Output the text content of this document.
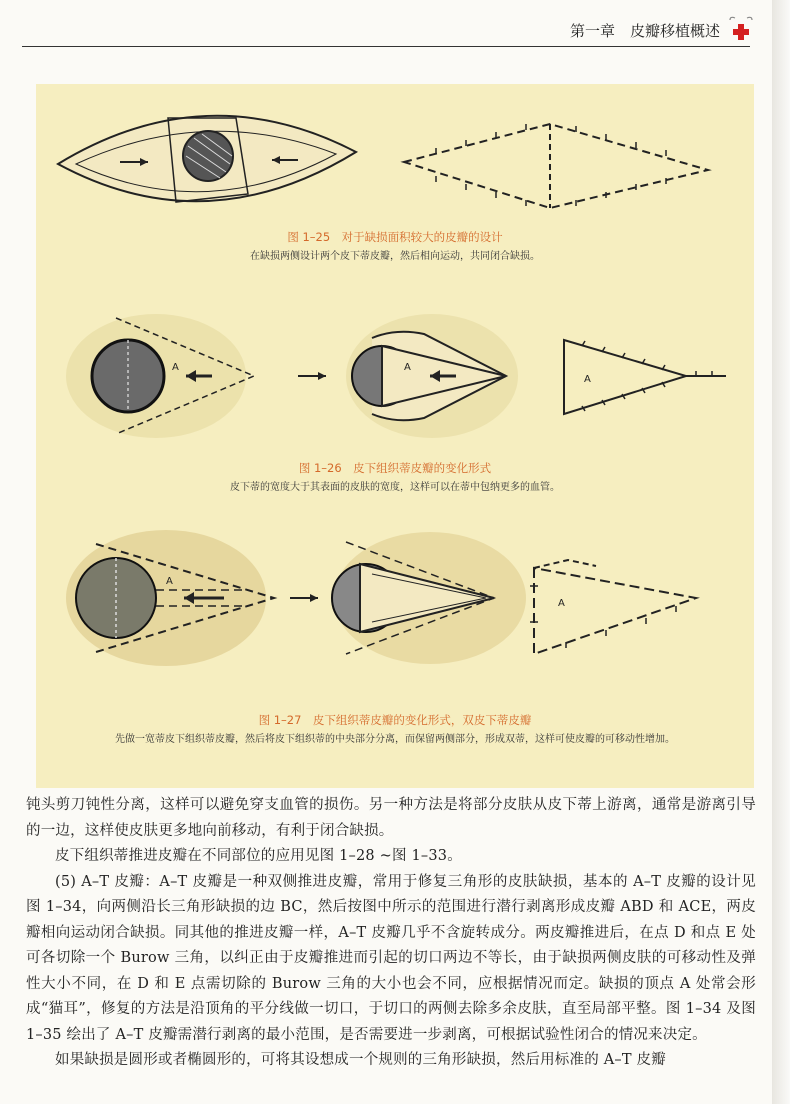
第一章　皮瓣移植概述
图 1–25　对于缺损面积较大的皮瓣的设计
在缺损两侧设计两个皮下蒂皮瓣，然后相向运动，共同闭合缺损。
A	A
A
图 1–26　皮下组织蒂皮瓣的变化形式
皮下蒂的宽度大于其表面的皮肤的宽度，这样可以在蒂中包纳更多的血管。
A
A
图 1–27　皮下组织蒂皮瓣的变化形式，双皮下蒂皮瓣
先做一宽蒂皮下组织蒂皮瓣，然后将皮下组织蒂的中央部分分离，而保留两侧部分，形成双蒂，这样可使皮瓣的可移动性增加。

钝头剪刀钝性分离，这样可以避免穿支血管的损伤。另一种方法是将部分皮肤从皮下蒂上游离，通常是游离引导的一边，这样使皮肤更多地向前移动，有利于闭合缺损。

皮下组织蒂推进皮瓣在不同部位的应用见图 1–28 ~图 1–33。

(5) A–T 皮瓣：A–T 皮瓣是一种双侧推进皮瓣，常用于修复三角形的皮肤缺损，基本的 A–T 皮瓣的设计见图 1–34，向两侧沿长三角形缺损的边 BC，然后按图中所示的范围进行潜行剥离形成皮瓣 ABD 和 ACE，两皮瓣相向运动闭合缺损。同其他的推进皮瓣一样，A–T 皮瓣几乎不含旋转成分。两皮瓣推进后，在点 D 和点 E 处可各切除一个 Burow 三角，以纠正由于皮瓣推进而引起的切口两边不等长，由于缺损两侧皮肤的可移动性及弹性大小不同，在 D 和 E 点需切除的 Burow 三角的大小也会不同，应根据情况而定。缺损的顶点 A 处常会形成“猫耳”，修复的方法是沿顶角的平分线做一切口，于切口的两侧去除多余皮肤，直至局部平整。图 1–34 及图 1–35 绘出了 A–T 皮瓣需潜行剥离的最小范围，是否需要进一步剥离，可根据试验性闭合的情况来决定。

如果缺损是圆形或者椭圆形的，可将其设想成一个规则的三角形缺损，然后用标准的 A–T 皮瓣
